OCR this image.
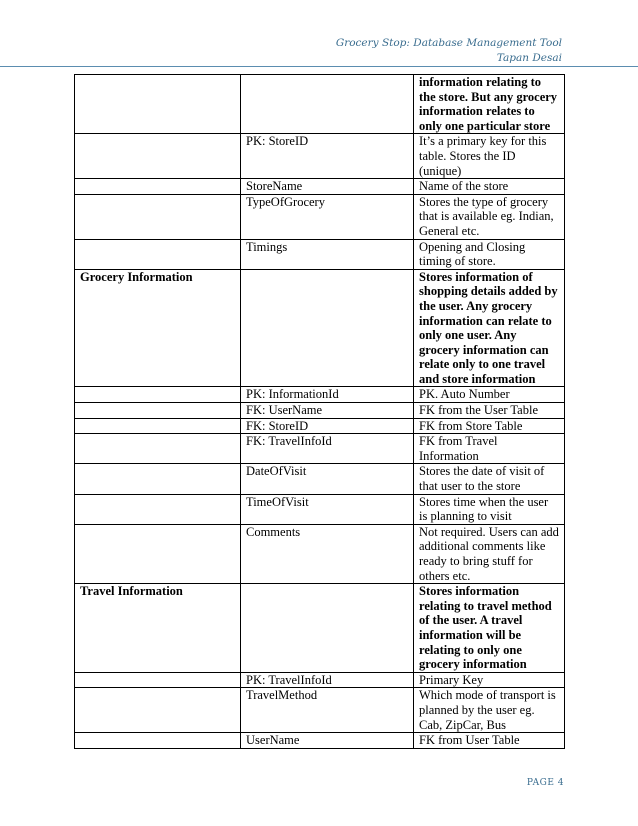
Grocery Stop: Database Management Tool
Tapan Desai
		information relating to the store. But any grocery information relates to only one particular store
	PK: StoreID	It’s a primary key for this table. Stores the ID (unique)
	StoreName	Name of the store
	TypeOfGrocery	Stores the type of grocery that is available eg. Indian, General etc.
	Timings	Opening and Closing timing of store.
Grocery Information		Stores information of shopping details added by the user. Any grocery information can relate to only one user. Any grocery information can relate only to one travel and store information
	PK: InformationId	PK. Auto Number
	FK: UserName	FK from the User Table
	FK: StoreID	FK from Store Table
	FK: TravelInfoId	FK from Travel Information
	DateOfVisit	Stores the date of visit of that user to the store
	TimeOfVisit	Stores time when the user is planning to visit
	Comments	Not required. Users can add additional comments like ready to bring stuff for others etc.
Travel Information		Stores information relating to travel method of the user. A travel information will be relating to only one grocery information
	PK: TravelInfoId	Primary Key
	TravelMethod	Which mode of transport is planned by the user eg. Cab, ZipCar, Bus
	UserName	FK from User Table
PAGE 4
